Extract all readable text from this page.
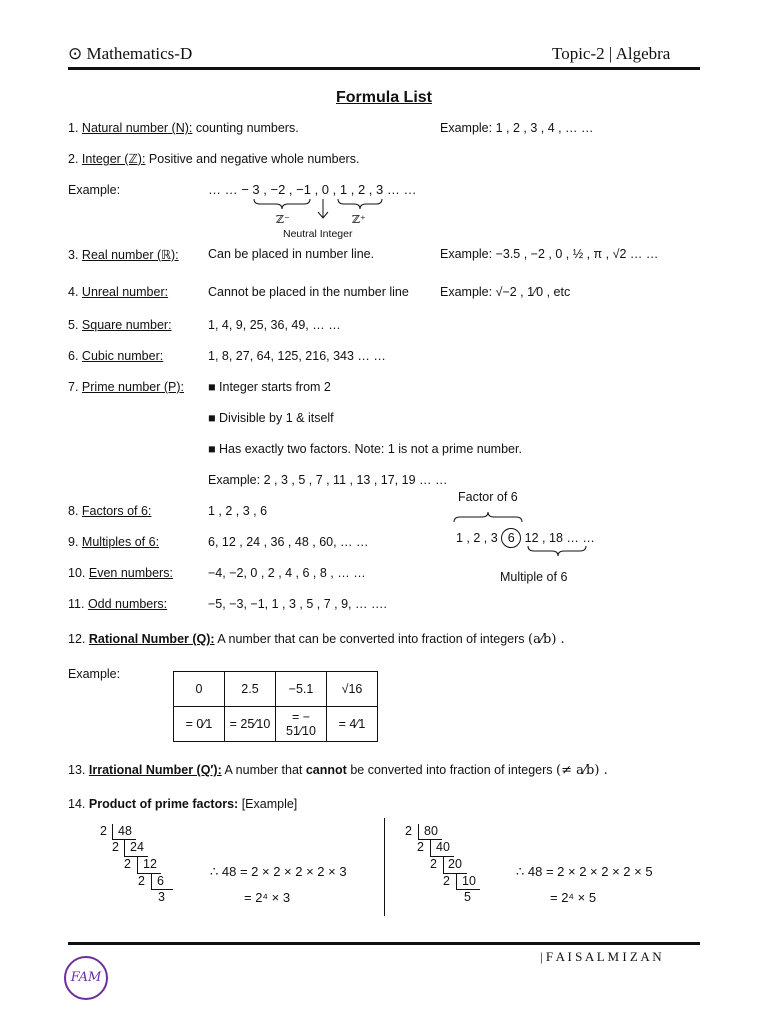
⊙ Mathematics-D	Topic-2 | Algebra
Formula List
1. Natural number (N): counting numbers.	Example: 1 , 2 , 3 , 4 , … …
2. Integer (ℤ): Positive and negative whole numbers.
Example:	… … − 3 , −2 , −1 , 0 , 1 , 2 , 3 … …
ℤ⁻	ℤ⁺
Neutral Integer
3. Real number (ℝ): Can be placed in number line.	Example: −3.5 , −2 , 0 , ½ , π , √2 … …
4. Unreal number:	Cannot be placed in the number line Example: √−2 , 1⁄0 , etc
5. Square number:	1, 4, 9, 25, 36, 49, … …
6. Cubic number:	1, 8, 27, 64, 125, 216, 343 … …
7. Prime number (P): ■ Integer starts from 2
■ Divisible by 1 & itself
■ Has exactly two factors. Note: 1 is not a prime number.
Example: 2 , 3 , 5 , 7 , 11 , 13 , 17, 19 … …
8. Factors of 6:	1 , 2 , 3 , 6
Factor of 6
1 , 2 , 3 6 12 , 18 … …
Multiple of 6
9. Multiples of 6:	6, 12 , 24 , 36 , 48 , 60, … …
10. Even numbers:	−4, −2, 0 , 2 , 4 , 6 , 8 , … …
11. Odd numbers:	−5, −3, −1, 1 , 3 , 5 , 7 , 9, … ….
12. Rational Number (Q): A number that can be converted into fraction of integers (a⁄b) .
Example:
0	2.5	−5.1	√16
= 0⁄1	= 25⁄10	= − 51⁄10	= 4⁄1
13. Irrational Number (Q′): A number that cannot be converted into fraction of integers (≠ a⁄b) .
14. Product of prime factors: [Example]
2 48
2 24
2 12
2 6
3
∴ 48 = 2 × 2 × 2 × 2 × 3
= 2⁴ × 3
2 80
2 40
2 20
2 10
5
∴ 48 = 2 × 2 × 2 × 2 × 5
= 2⁴ × 5
| F A I S A L M I Z A N
FAM
